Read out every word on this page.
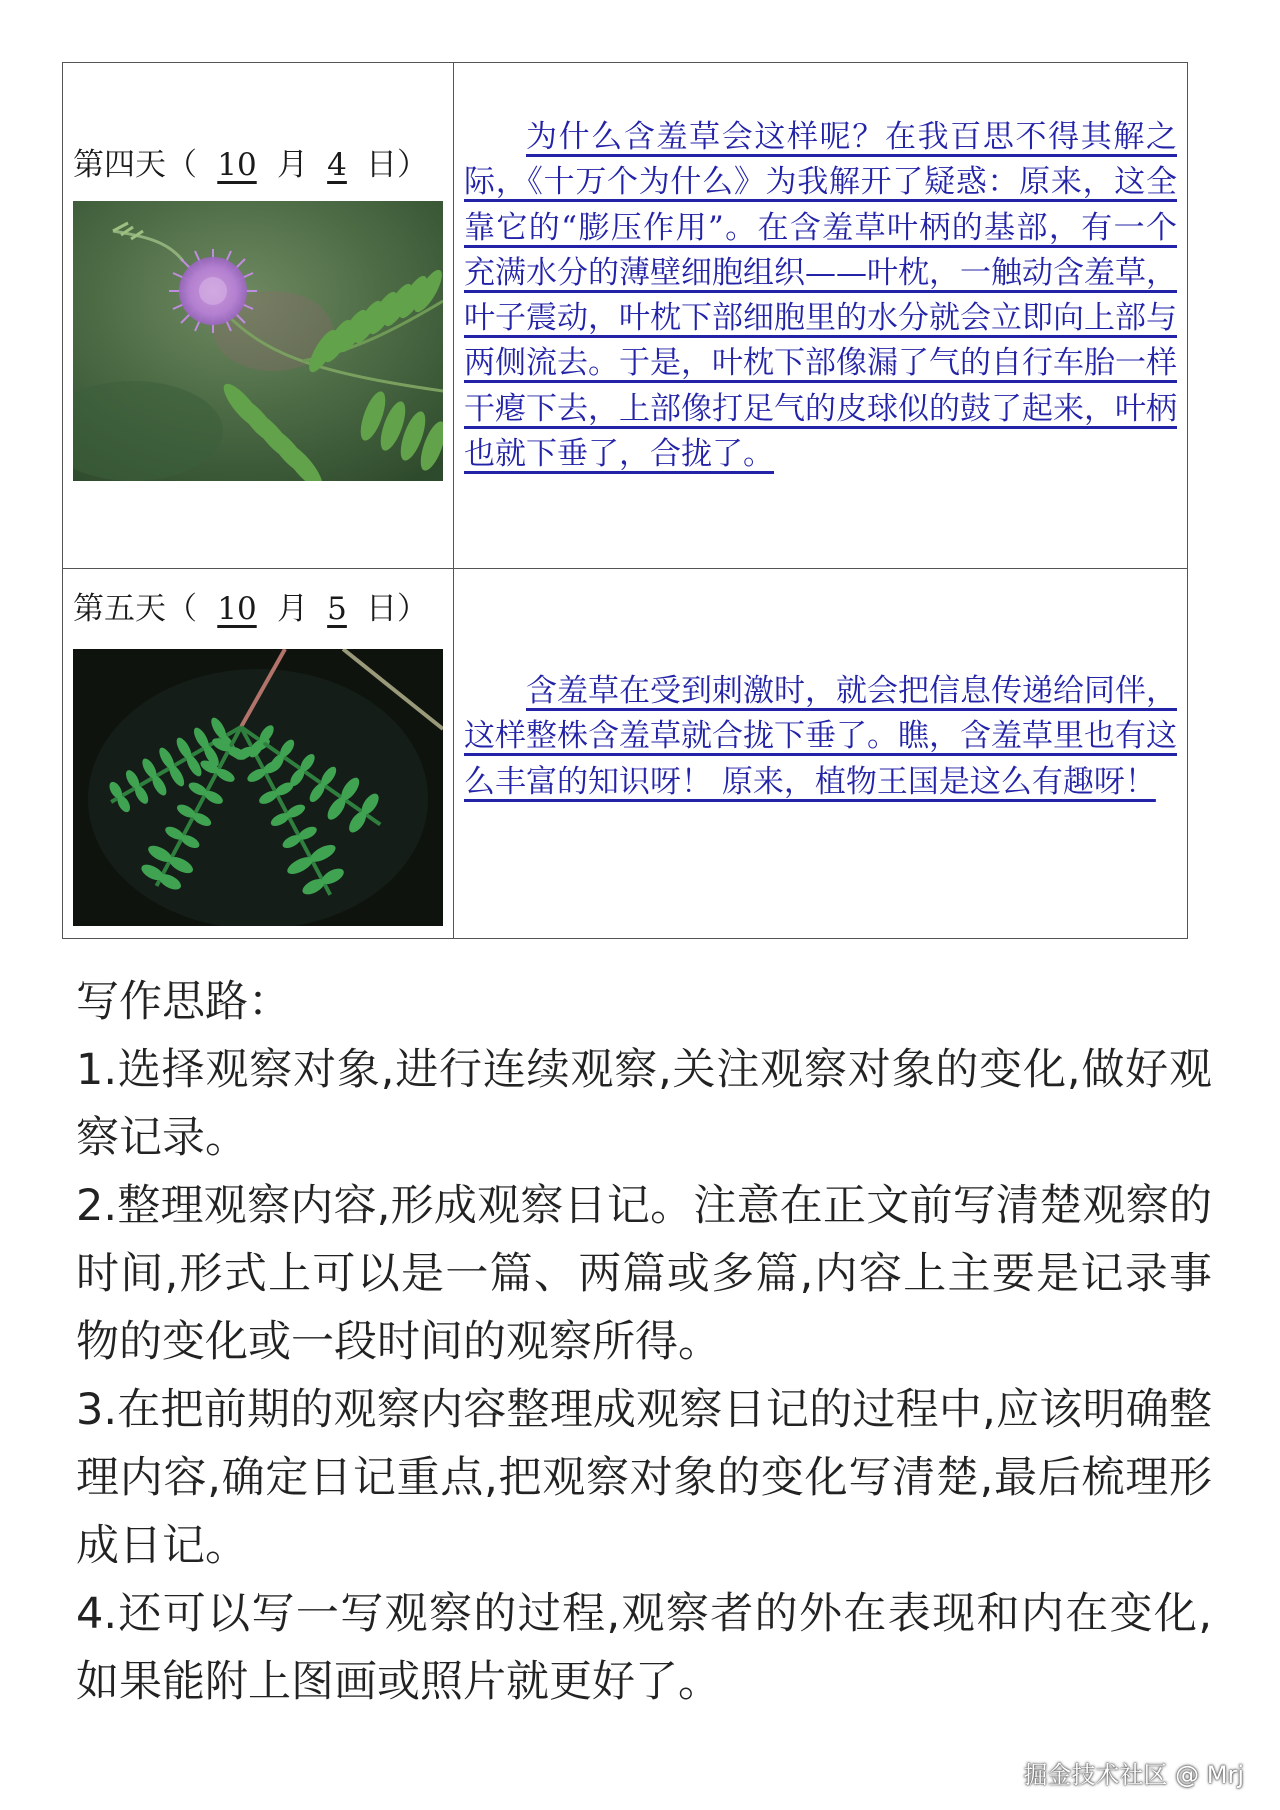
第四天（ 10 月 4 日）	为什么含羞草会这样呢？在我百思不得其解之际，《十万个为什么》为我解开了疑惑：原来，这全靠它的“膨压作用”。在含羞草叶柄的基部，有一个充满水分的薄壁细胞组织——叶枕，一触动含羞草，叶子震动，叶枕下部细胞里的水分就会立即向上部与两侧流去。于是，叶枕下部像漏了气的自行车胎一样干瘪下去，上部像打足气的皮球似的鼓了起来，叶柄也就下垂了，合拢了。

第五天（ 10 月 5 日）	含羞草在受到刺激时，就会把信息传递给同伴，这样整株含羞草就合拢下垂了。瞧，含羞草里也有这么丰富的知识呀！ 原来，植物王国是这么有趣呀！

写作思路：

1.选择观察对象,进行连续观察,关注观察对象的变化,做好观察记录。

2.整理观察内容,形成观察日记。注意在正文前写清楚观察的时间,形式上可以是一篇、两篇或多篇,内容上主要是记录事物的变化或一段时间的观察所得。

3.在把前期的观察内容整理成观察日记的过程中,应该明确整理内容,确定日记重点,把观察对象的变化写清楚,最后梳理形成日记。

4.还可以写一写观察的过程,观察者的外在表现和内在变化,如果能附上图画或照片就更好了。

掘金技术社区 @ Mrj
